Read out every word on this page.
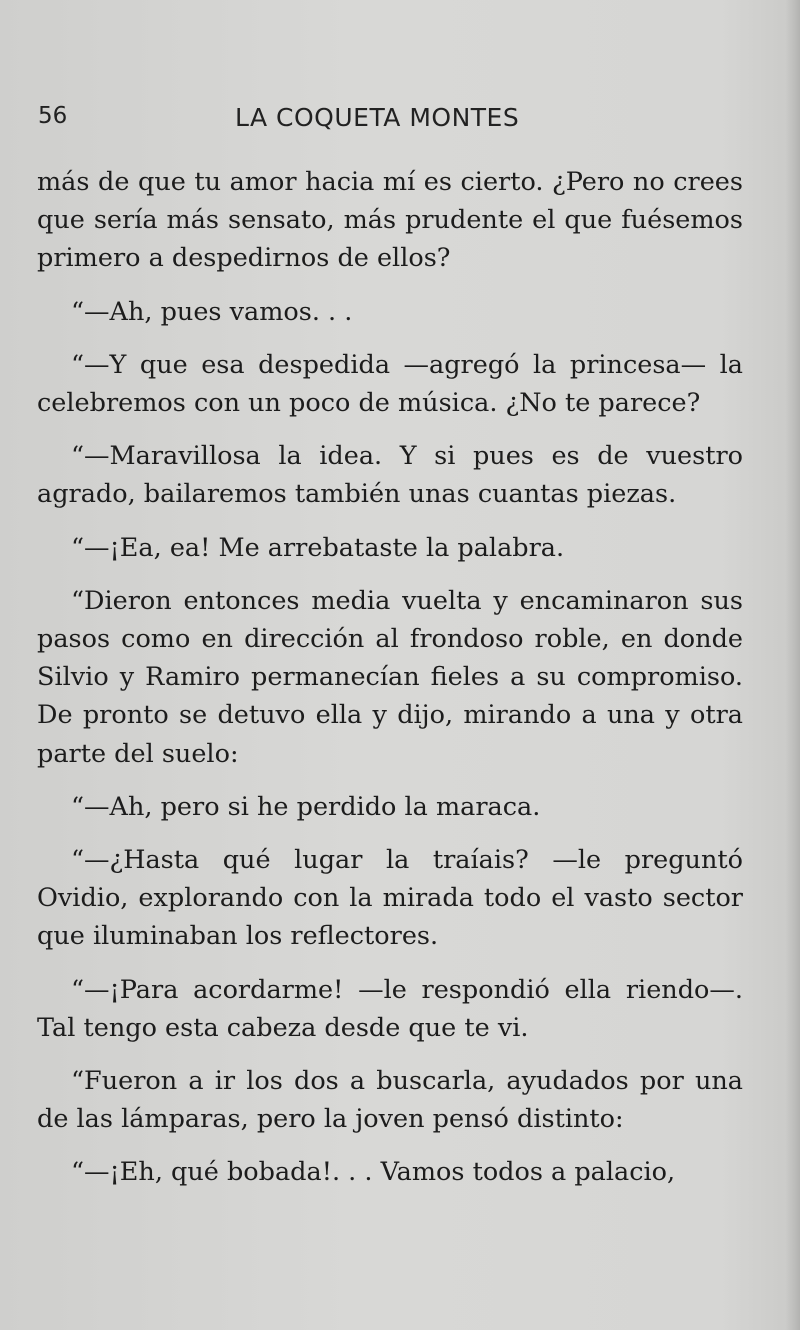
56	LA COQUETA MONTES

más de que tu amor hacia mí es cierto. ¿Pero no crees que sería más sensato, más prudente el que fuésemos primero a despedirnos de ellos?

“—Ah, pues vamos. . .

“—Y que esa despedida —agregó la princesa— la celebremos con un poco de música. ¿No te parece?

“—Maravillosa la idea. Y si pues es de vuestro agrado, bailaremos también unas cuantas piezas.

“—¡Ea, ea! Me arrebataste la palabra.

“Dieron entonces media vuelta y encaminaron sus pasos como en dirección al frondoso roble, en donde Silvio y Ramiro permanecían fieles a su compromiso. De pronto se detuvo ella y dijo, mirando a una y otra parte del suelo:

“—Ah, pero si he perdido la maraca.

“—¿Hasta qué lugar la traíais? —le preguntó Ovidio, explorando con la mirada todo el vasto sector que iluminaban los reflectores.

“—¡Para acordarme! —le respondió ella riendo—. Tal tengo esta cabeza desde que te vi.

“Fueron a ir los dos a buscarla, ayudados por una de las lámparas, pero la joven pensó distinto:

“—¡Eh, qué bobada!. . . Vamos todos a palacio,
